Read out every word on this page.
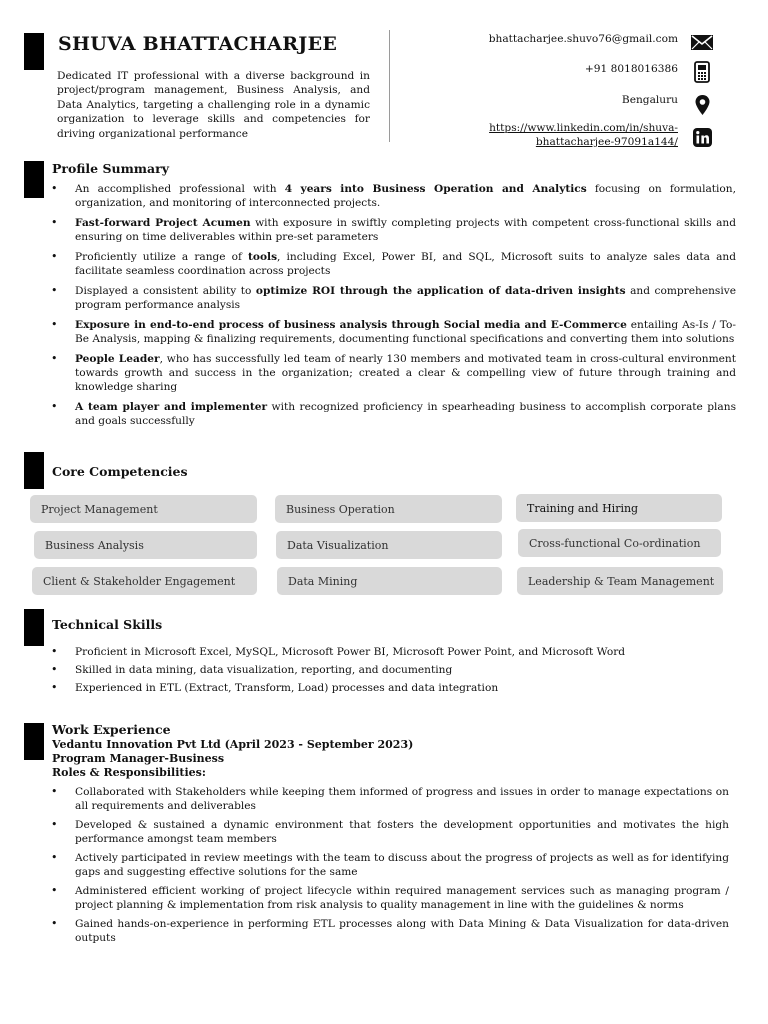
SHUVA BHATTACHARJEE
Dedicated IT professional with a diverse background in project/program management, Business Analysis, and Data Analytics, targeting a challenging role in a dynamic organization to leverage skills and competencies for driving organizational performance
bhattacharjee.shuvo76@gmail.com
+91 8018016386
Bengaluru
https://www.linkedin.com/in/shuva-bhattacharjee-97091a144/
Profile Summary
• An accomplished professional with 4 years into Business Operation and Analytics focusing on formulation, organization, and monitoring of interconnected projects.
• Fast-forward Project Acumen with exposure in swiftly completing projects with competent cross-functional skills and ensuring on time deliverables within pre-set parameters
• Proficiently utilize a range of tools, including Excel, Power BI, and SQL, Microsoft suits to analyze sales data and facilitate seamless coordination across projects
• Displayed a consistent ability to optimize ROI through the application of data-driven insights and comprehensive program performance analysis
• Exposure in end-to-end process of business analysis through Social media and E-Commerce entailing As-Is / To-Be Analysis, mapping & finalizing requirements, documenting functional specifications and converting them into solutions
• People Leader, who has successfully led team of nearly 130 members and motivated team in cross-cultural environment towards growth and success in the organization; created a clear & compelling view of future through training and knowledge sharing
• A team player and implementer with recognized proficiency in spearheading business to accomplish corporate plans and goals successfully
Core Competencies
Project Management	Business Operation	Training and Hiring
Business Analysis	Data Visualization	Cross-functional Co-ordination
Client & Stakeholder Engagement	Data Mining	Leadership & Team Management
Technical Skills
• Proficient in Microsoft Excel, MySQL, Microsoft Power BI, Microsoft Power Point, and Microsoft Word
• Skilled in data mining, data visualization, reporting, and documenting
• Experienced in ETL (Extract, Transform, Load) processes and data integration
Work Experience
Vedantu Innovation Pvt Ltd (April 2023 - September 2023)
Program Manager-Business
Roles & Responsibilities:
• Collaborated with Stakeholders while keeping them informed of progress and issues in order to manage expectations on all requirements and deliverables
• Developed & sustained a dynamic environment that fosters the development opportunities and motivates the high performance amongst team members
• Actively participated in review meetings with the team to discuss about the progress of projects as well as for identifying gaps and suggesting effective solutions for the same
• Administered efficient working of project lifecycle within required management services such as managing program / project planning & implementation from risk analysis to quality management in line with the guidelines & norms
• Gained hands-on-experience in performing ETL processes along with Data Mining & Data Visualization for data-driven outputs
